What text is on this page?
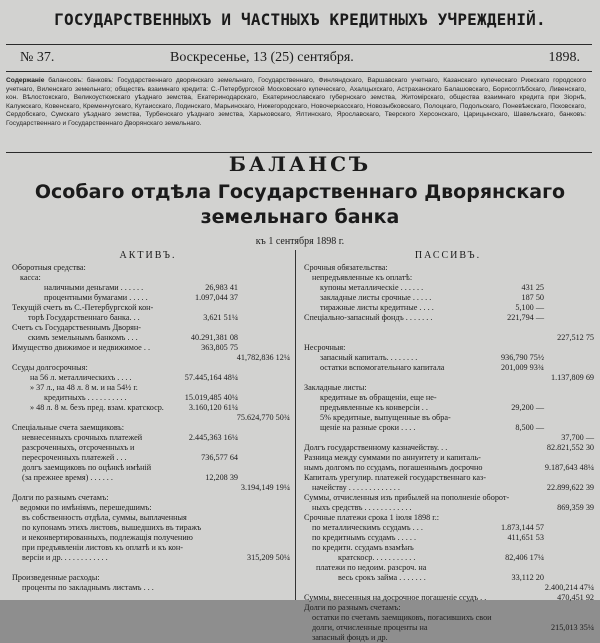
ГОСУДАРСТВЕННЫХЪ И ЧАСТНЫХЪ КРЕДИТНЫХЪ УЧРЕЖДЕНІЙ.
№ 37.	Воскресенье, 13 (25) сентября.	1898.
Содержаніе балансовъ: банковъ: Государственнаго дворянскаго земельнаго, Государственнаго, Финляндскаго, Варшавскаго учетнаго, Казанскаго купеческаго Рижскаго городского учетнаго, Виленскаго земельнаго; обществъ взаимнаго кредита: С.-Петербургской Московскаго купеческаго, Ахалцыхскаго, Астраханскаго Балашовскаго, Борисоглѣбскаго, Ливенскаго, кон. Вѣлостокскаго, Великоустюжскаго уѣзднаго земства, Екатеринодарскаго, Екатеринославскаго губернскаго земства, Житомірскаго, общества взаимнаго кредита при Зіорнѣ, Калужскаго, Ковенскаго, Кременчугскаго, Кутаисскаго, Лодинскаго, Марьинскаго, Нижегородскаго, Новочеркасскаго, Новозыбковскаго, Полоцкаго, Подольскаго, Поневѣжскаго, Псковскаго, Сердобскаго, Сумскаго уѣзднаго земства, Турбенскаго уѣзднаго земства, Харьковскаго, Ялтинскаго, Ярославскаго, Тверского Херсонскаго, Царицынскаго, Шавельскаго, банковъ: Государственнаго и Государственнаго Дворянскаго земельнаго.
БАЛАНСЪ
Особаго отдѣла Государственнаго Дворянскаго
земельнаго банка
къ 1 сентября 1898 г.
АКТИВЪ.
Оборотныя средства:
касса:
наличными деньгами . . . . . .	26,983 41
процентными бумагами . . . . .	1.097,044 37
Текущій счетъ въ С.-Петербургской кон-
торѣ Государственнаго банка. . .	3,621 51¼
Счетъ съ Государственнымъ Дворян-
скимъ земельнымъ банкомъ . . .	40.291,381 08
Имущество движимое и недвижимое . .	363,805 75
41,782,836 12¼
Ссуды долгосрочныя:
на 56 л. металлическихъ . . . .	57.445,164 48¼
» 37 л., на 48 л. 8 м. и на 54½ г.
кредитныхъ . . . . . . . . . .	15.019,485 40¼
» 48 л. 8 м. безъ пред. взам. кратскоср.	3.160,120 61¼
75.624,770 50¾
Спеціальные счета заемщиковъ:
невнесенныхъ срочныхъ платежей	2.445,363 16¼
разсроченныхъ, отсроченныхъ и
пересроченныхъ платежей . . .	736,577 64
долгъ заемщиковъ по оцѣнкѣ имѣній
(за прежнее время) . . . . . .	12,208 39
3.194,149 19¼
Долги по разнымъ счетамъ:
ведомки по имѣніямъ, перешедшимъ:
въ собственность отдѣла, суммы, выплаченныя
по купонамъ этихъ листовъ, вышедшихъ въ тиражъ
и неконвертированныхъ, подлежащія получению
при предъявленіи листовъ къ оплатѣ и къ кон-
версіи и др. . . . . . . . . . . .	315,209 50¼
Произведенные расходы:
проценты по закладнымъ листамъ . . .
ПАССИВЪ.
Срочныя обязательства:
непредъявленные къ оплатѣ:
купоны металлическіе . . . . . .	431 25
закладные листы срочные . . . . .	187 50
тиражные листы кредитные . . . .	5,100 —
Спеціально-запасный фондъ . . . . . . .	221,794 —
227,512 75
Несрочныя:
запасный капиталъ. . . . . . . .	936,790 75½
остатки вспомогательнаго капитала	201,009 93¾
1.137,809 69
Закладные листы:
кредитные въ обращеніи, еще не-
предъявленные къ конверсіи . .	29,200 —
5% кредитные, выпущенные въ обра-
щеніе на разные сроки . . . .	8,500 —
37,700 —
Долгъ государственному казначейству. . .	82.821,552 30
Разница между суммами по аннуитету и капиталь-
нымъ долгомъ по ссудамъ, погашеннымъ досрочно	9.187,643 48¼
Капиталъ урегулир. платежей государственнаго каз-
начейству . . . . . . . . . . . . .	22.899,622 39
Суммы, отчисленныя изъ прибылей на пополненіе оборот-
ныхъ средствъ . . . . . . . . . . . .	869,359 39
Срочные платежи срока 1 іюля 1898 г.:
по металлическимъ ссудамъ . . .	1.873,144 57
по кредитнымъ ссудамъ . . . . .	411,651 53
по кредитн. ссудамъ взамѣнъ
кратскоср. . . . . . . . . . .	82,406 17¼
платежи по недоим. разсроч. на
весь срокъ займа . . . . . . .	33,112 20
2.400,214 47¼
Суммы, внесенныя на досрочное погашеніе ссудъ . .	470,451 92
Долги по разнымъ счетамъ:
остатки по счетамъ заемщиковъ, погасившихъ свои
долги, отчисленные проценты на	215,013 35¼
запасный фондъ и др.
